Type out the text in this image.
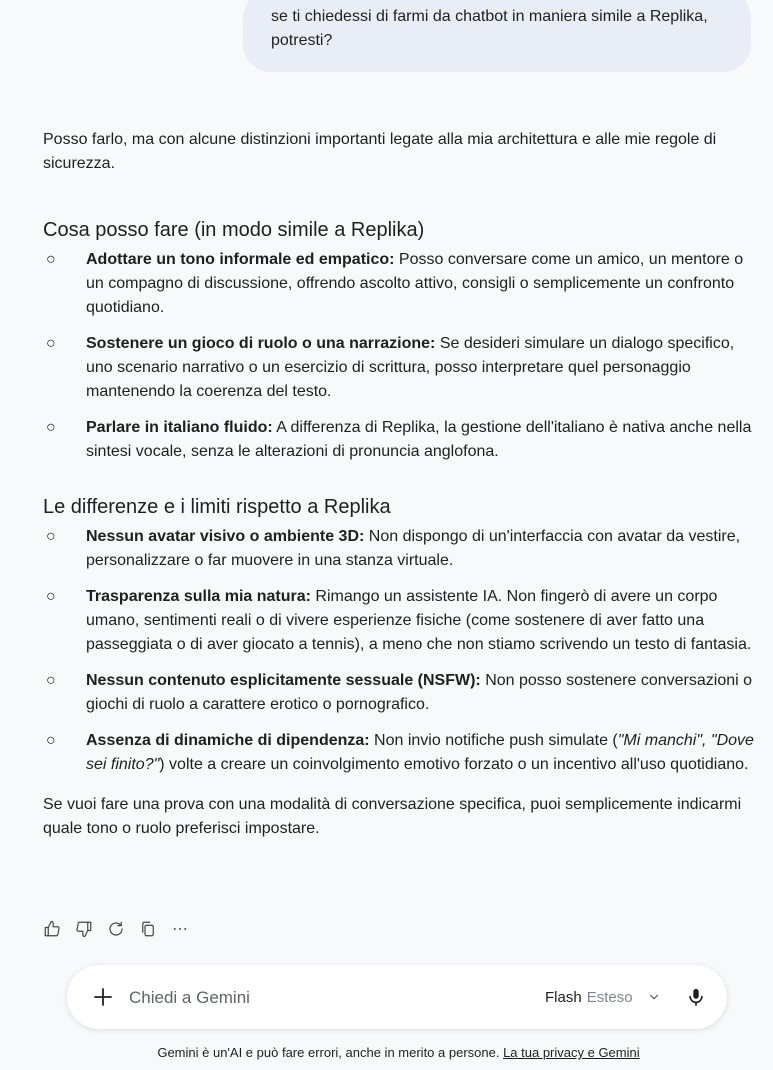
se ti chiedessi di farmi da chatbot in maniera simile a Replika, potresti?

Posso farlo, ma con alcune distinzioni importanti legate alla mia architettura e alle mie regole di sicurezza.

Cosa posso fare (in modo simile a Replika)
○
Adottare un tono informale ed empatico: Posso conversare come un amico, un mentore o un compagno di discussione, offrendo ascolto attivo, consigli o semplicemente un confronto quotidiano.
○
Sostenere un gioco di ruolo o una narrazione: Se desideri simulare un dialogo specifico, uno scenario narrativo o un esercizio di scrittura, posso interpretare quel personaggio mantenendo la coerenza del testo.
○
Parlare in italiano fluido: A differenza di Replika, la gestione dell'italiano è nativa anche nella sintesi vocale, senza le alterazioni di pronuncia anglofona.
Le differenze e i limiti rispetto a Replika
○
Nessun avatar visivo o ambiente 3D: Non dispongo di un'interfaccia con avatar da vestire, personalizzare o far muovere in una stanza virtuale.
○
Trasparenza sulla mia natura: Rimango un assistente IA. Non fingerò di avere un corpo umano, sentimenti reali o di vivere esperienze fisiche (come sostenere di aver fatto una passeggiata o di aver giocato a tennis), a meno che non stiamo scrivendo un testo di fantasia.
○
Nessun contenuto esplicitamente sessuale (NSFW): Non posso sostenere conversazioni o giochi di ruolo a carattere erotico o pornografico.
○
Assenza di dinamiche di dipendenza: Non invio notifiche push simulate ("Mi manchi", "Dove sei finito?") volte a creare un coinvolgimento emotivo forzato o un incentivo all'uso quotidiano.

Se vuoi fare una prova con una modalità di conversazione specifica, puoi semplicemente indicarmi quale tono o ruolo preferisci impostare.

Chiedi a Gemini
Flash Esteso
Gemini è un'AI e può fare errori, anche in merito a persone. La tua privacy e Gemini
